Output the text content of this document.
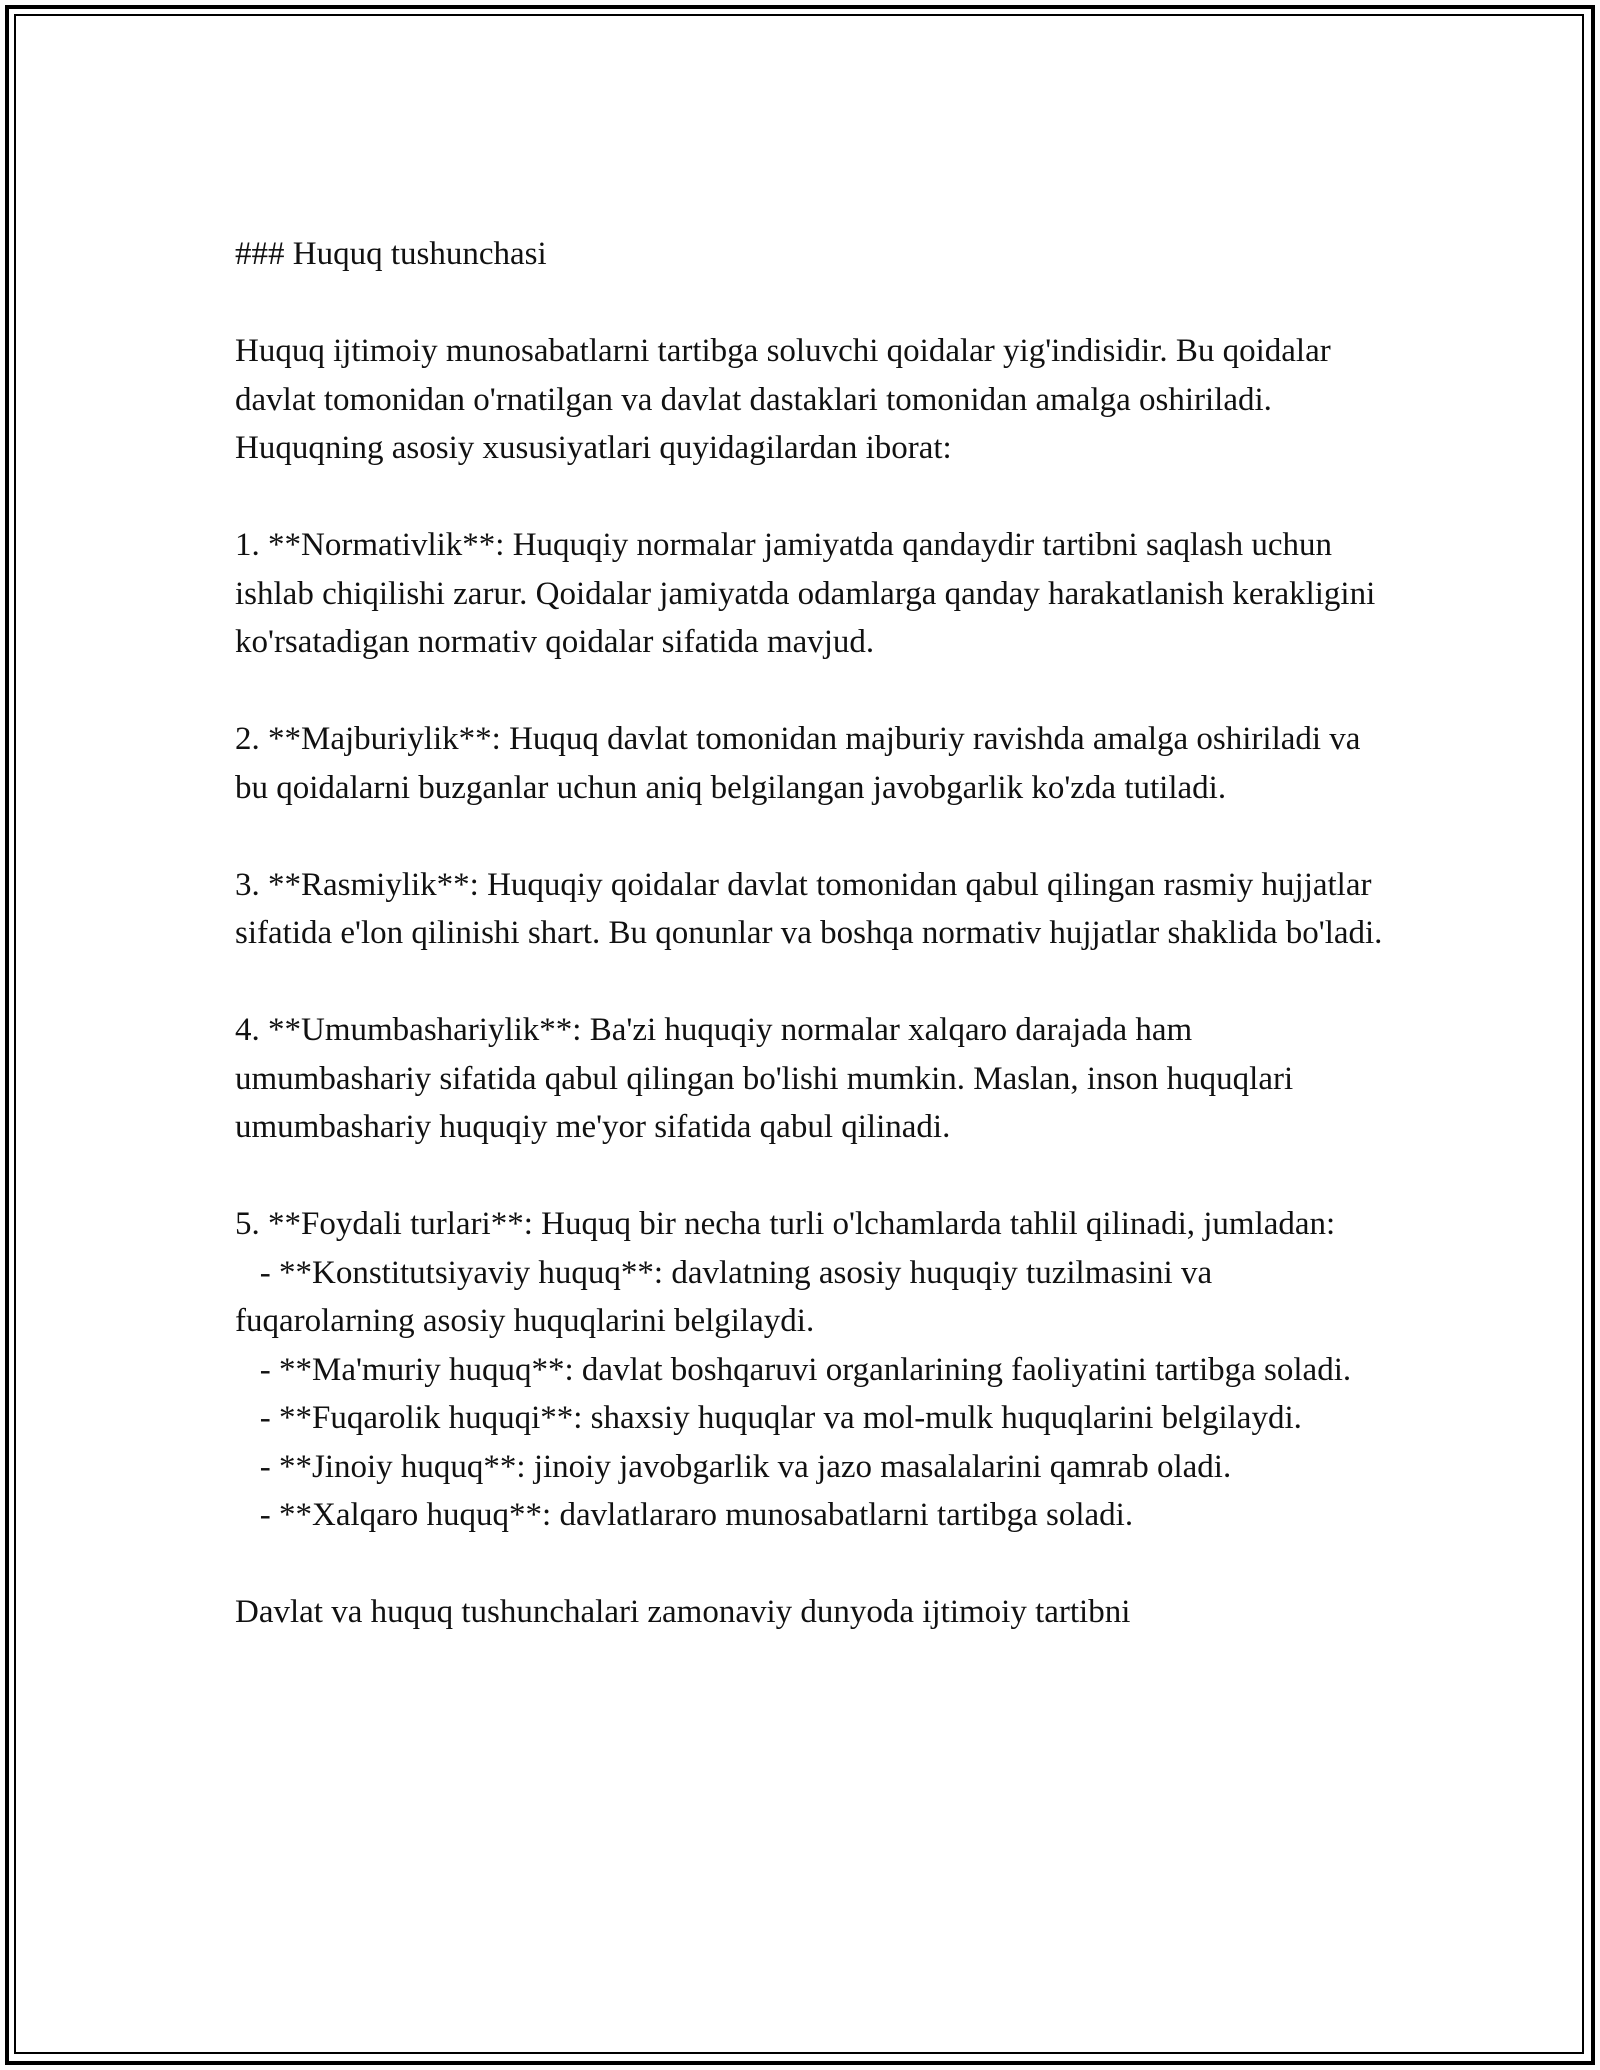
### Huquq tushunchasi

Huquq ijtimoiy munosabatlarni tartibga soluvchi qoidalar yig'indisidir. Bu qoidalar davlat tomonidan o'rnatilgan va davlat dastaklari tomonidan amalga oshiriladi. Huquqning asosiy xususiyatlari quyidagilardan iborat:

1. **Normativlik**: Huquqiy normalar jamiyatda qandaydir tartibni saqlash uchun ishlab chiqilishi zarur. Qoidalar jamiyatda odamlarga qanday harakatlanish kerakligini ko'rsatadigan normativ qoidalar sifatida mavjud.

2. **Majburiylik**: Huquq davlat tomonidan majburiy ravishda amalga oshiriladi va bu qoidalarni buzganlar uchun aniq belgilangan javobgarlik ko'zda tutiladi.

3. **Rasmiylik**: Huquqiy qoidalar davlat tomonidan qabul qilingan rasmiy hujjatlar sifatida e'lon qilinishi shart. Bu qonunlar va boshqa normativ hujjatlar shaklida bo'ladi.

4. **Umumbashariylik**: Ba'zi huquqiy normalar xalqaro darajada ham umumbashariy sifatida qabul qilingan bo'lishi mumkin. Maslan, inson huquqlari umumbashariy huquqiy me'yor sifatida qabul qilinadi.

5. **Foydali turlari**: Huquq bir necha turli o'lchamlarda tahlil qilinadi, jumladan:

- **Konstitutsiyaviy huquq**: davlatning asosiy huquqiy tuzilmasini va fuqarolarning asosiy huquqlarini belgilaydi.

- **Ma'muriy huquq**: davlat boshqaruvi organlarining faoliyatini tartibga soladi.

- **Fuqarolik huquqi**: shaxsiy huquqlar va mol-mulk huquqlarini belgilaydi.

- **Jinoiy huquq**: jinoiy javobgarlik va jazo masalalarini qamrab oladi.

- **Xalqaro huquq**: davlatlararo munosabatlarni tartibga soladi.

Davlat va huquq tushunchalari zamonaviy dunyoda ijtimoiy tartibni
